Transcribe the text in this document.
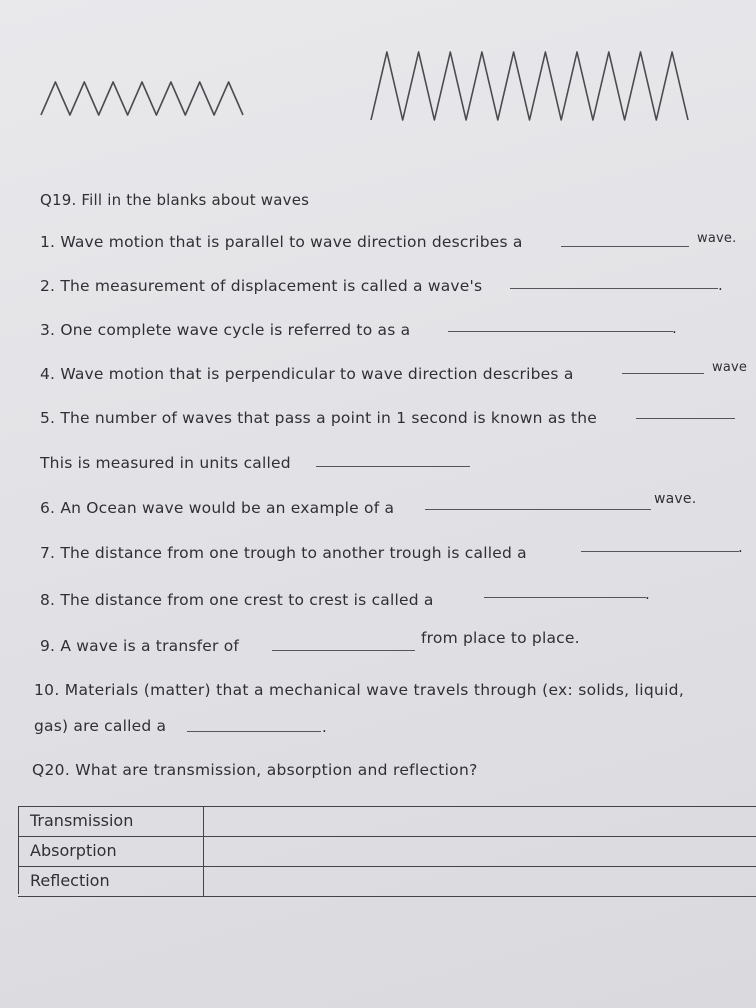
Q19. Fill in the blanks about waves
1. Wave motion that is parallel to wave direction describes a	wave.
2. The measurement of displacement is called a wave's	.
3. One complete wave cycle is referred to as a	.
4. Wave motion that is perpendicular to wave direction describes a	wave
5. The number of waves that pass a point in 1 second is known as the
This is measured in units called
6. An Ocean wave would be an example of a	wave.
7. The distance from one trough to another trough is called a	.
8. The distance from one crest to crest is called a	.
9. A wave is a transfer of	from place to place.
10. Materials (matter) that a mechanical wave travels through (ex: solids, liquid,
gas) are called a	.
Q20. What are transmission, absorption and reflection?
Transmission
Absorption
Reflection
